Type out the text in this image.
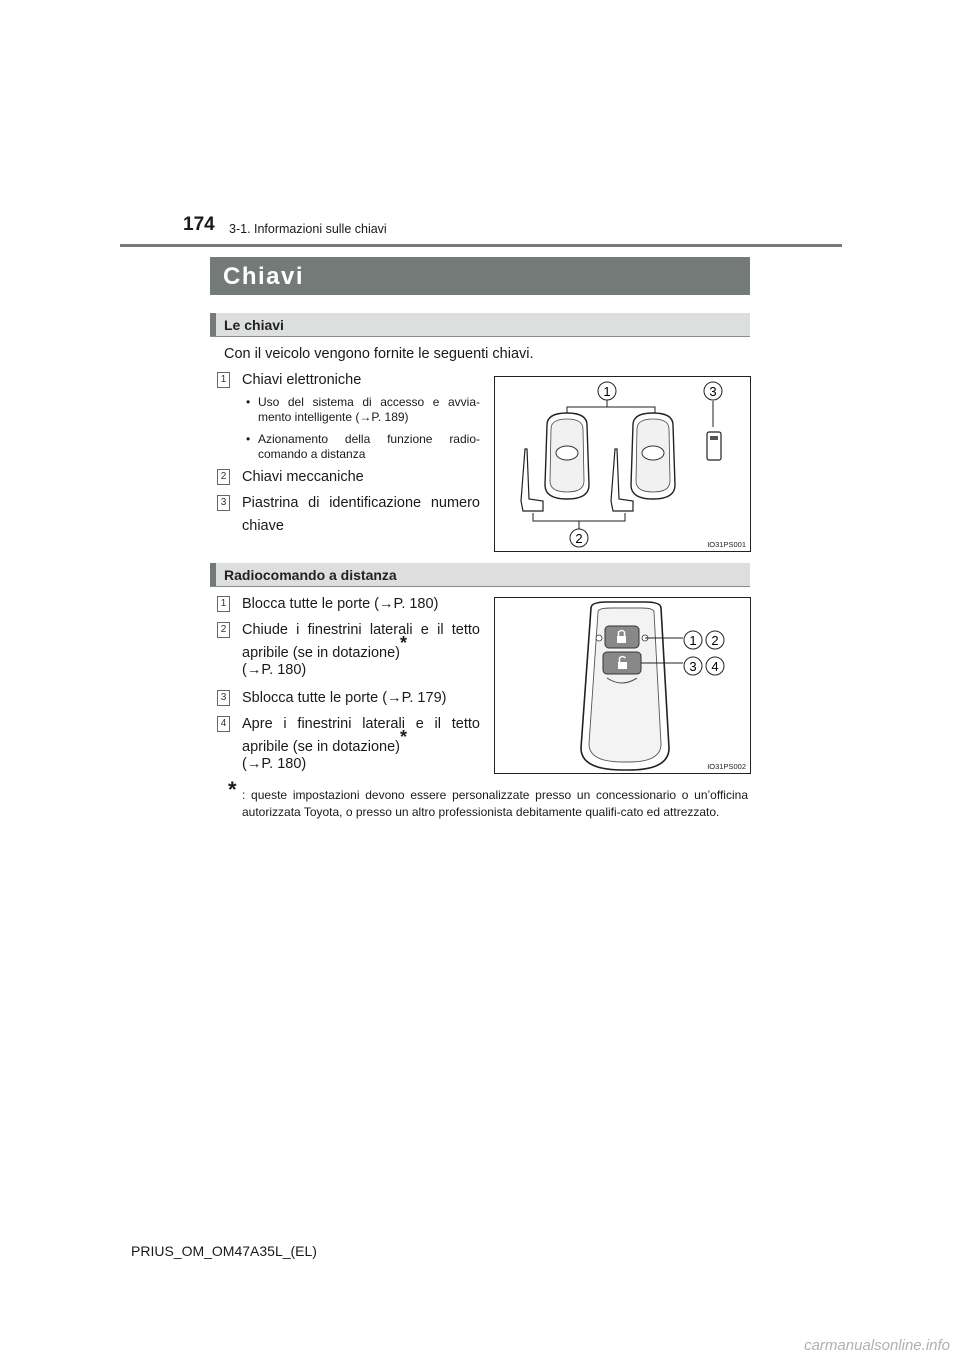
174 3-1. Informazioni sulle chiavi
Chiavi
Le chiavi
Con il veicolo vengono fornite le seguenti chiavi.
1 Chiavi elettroniche
• Uso del sistema di accesso e avvia-mento intelligente (→P. 189)
• Azionamento della funzione radio-comando a distanza
2 Chiavi meccaniche
3 Piastrina di identificazione numero chiave
1	3
2	IO31PS001
Radiocomando a distanza
1 Blocca tutte le porte (→P. 180)
2 Chiude i finestrini laterali e il tetto apribile (se in dotazione)*
(→P. 180)
3 Sblocca tutte le porte (→P. 179)
4 Apre i finestrini laterali e il tetto apribile (se in dotazione)*
(→P. 180)
1 2
3 4
IO31PS002
* : queste impostazioni devono essere personalizzate presso un concessionario o un’officina autorizzata Toyota, o presso un altro professionista debitamente qualifi-cato ed attrezzato.
PRIUS_OM_OM47A35L_(EL)
carmanualsonline.info
